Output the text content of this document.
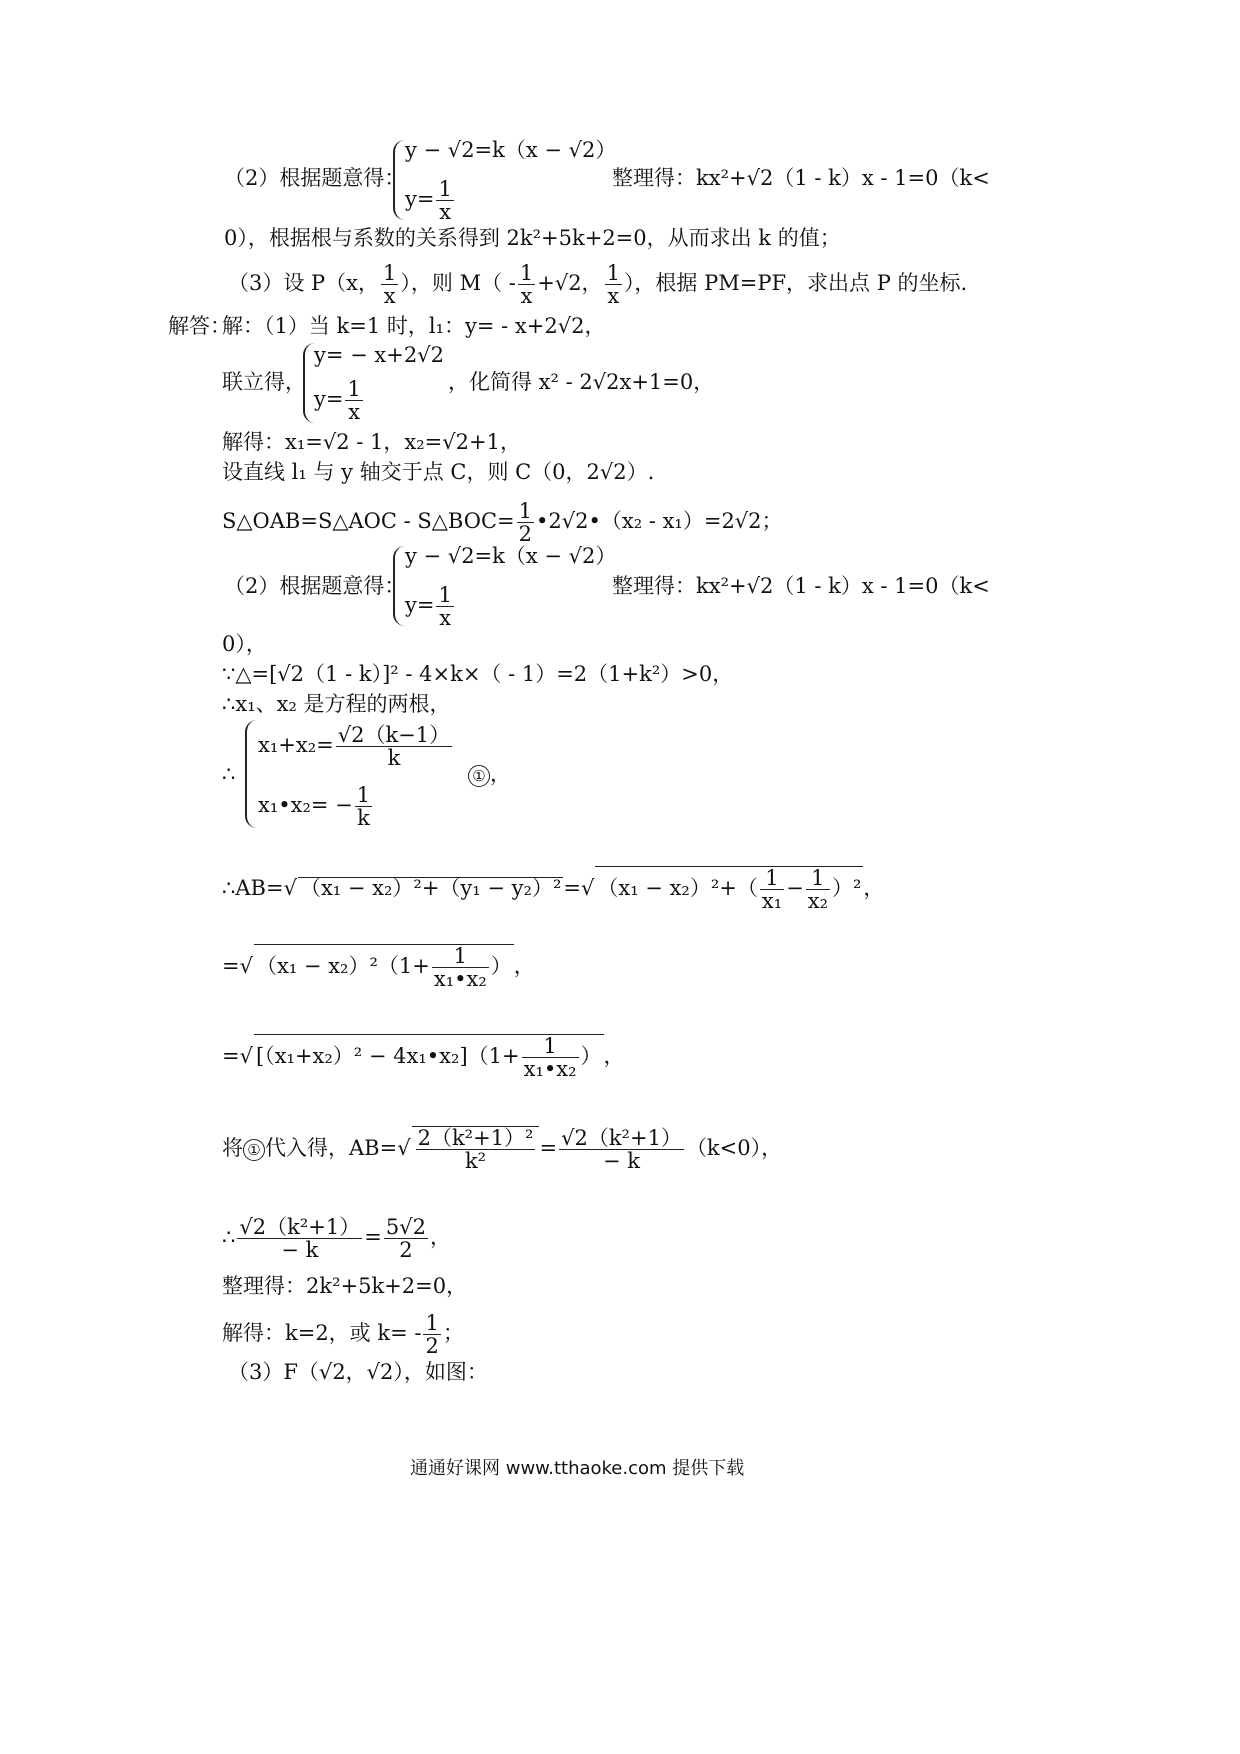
（2）根据题意得：
y − √2=k（x − √2）
$y= \frac{1}{x}$	整理得：kx²+√2（1 - k）x - 1=0（k<
0），根据根与系数的关系得到 2k²+5k+2=0，从而求出 k 的值；
（3）设 P（x， $\frac{1}{x}$ ），则 $M( - \frac{1}{x} +√2$， $\frac{1}{x}$ ），根据 PM=PF，求出点 P 的坐标.
解答：
解：（1）当 k=1 时，l₁：y= - x+2√2，
联立得，
y= − x+2√2
$y= \frac{1}{x}$	，化简得 x² - 2√2x+1=0，
解得：x₁=√2 - 1，x₂=√2+1，
设直线 l₁ 与 y 轴交于点 C，则 C（0，2√2）.
S△OAB=S△AOC - S△BOC= $\frac{1}{2}$ •2√2•（x₂ - x₁）=2√2；
（2）根据题意得：
y − √2=k（x − √2）
$y= \frac{1}{x}$	整理得：kx²+√2（1 - k）x - 1=0（k<
0），
∵△=[√2（1 - k）]² - 4×k×（ - 1）=2（1+k²）>0，
∴x₁、x₂ 是方程的两根，
∴
$x_1+x_2= \frac{√2(k-1)}{k}$
x₁•x₂= − $\frac{1}{k}$
① ，
∴AB=√ （x₁ − x₂）²+（y₁ − y₂）²=√ $(x_1 - x_2)^2+( \frac{1}{\text{x₁}} - \frac{1}{\text{x₂}} )^2$，
=√ $(x_1 - x_2)^2(1+ \frac{1}{\text{x₁•x₂}}$ ），
=√ [（x₁+x₂）² − 4x₁•x₂]（1+ $\frac{1}{\text{x₁•x₂}}$ ），
将 ① 代入得，$AB=√ \frac{\text{2（k²+1）²}}{\text{k²}} = \frac{\text{√2（k²+1）}}{- k} (k<0)$，
∴ $\frac{\text{√2（k²+1）}}{- k} = \frac{5√2}{2}$ ，
整理得：2k²+5k+2=0，
解得：k=2，或 $k= - \frac{1}{2}$ ；
（3）F（√2，√2），如图：
通通好课网 www.tthaoke.com 提供下载
